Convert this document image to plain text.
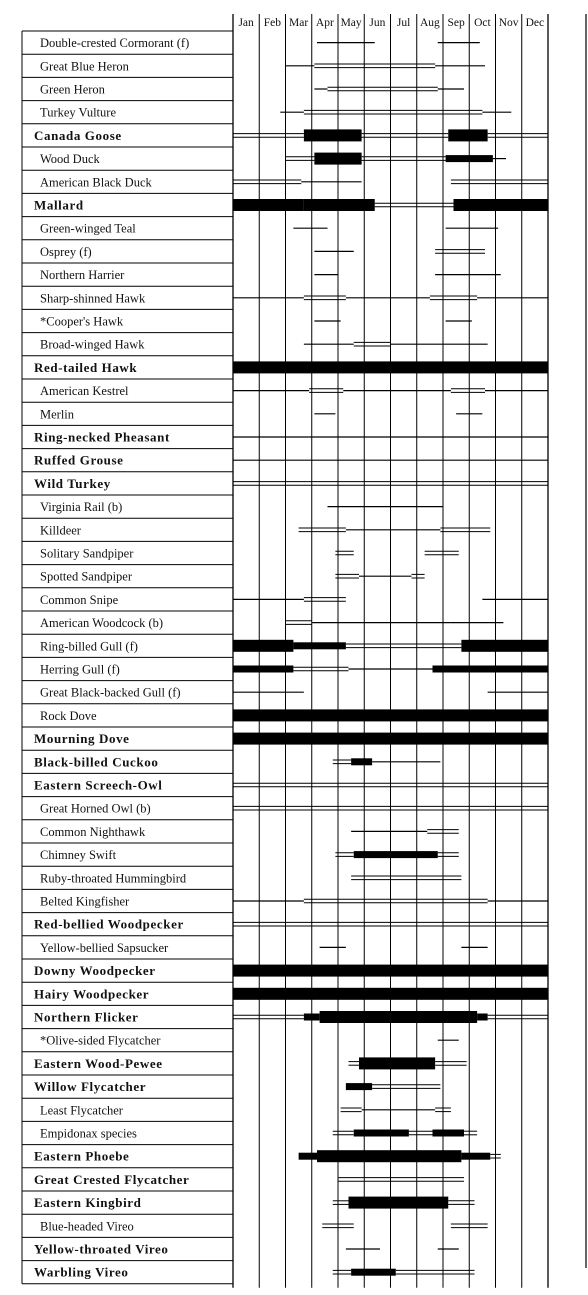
Jan Feb Mar Apr May Jun Jul Aug Sep Oct Nov Dec
Double-crested Cormorant (f)
Great Blue Heron
Green Heron
Turkey Vulture
Canada Goose
Wood Duck
American Black Duck
Mallard
Green-winged Teal
Osprey (f)
Northern Harrier
Sharp-shinned Hawk
*Cooper's Hawk
Broad-winged Hawk
Red-tailed Hawk
American Kestrel
Merlin
Ring-necked Pheasant
Ruffed Grouse
Wild Turkey
Virginia Rail (b)
Killdeer
Solitary Sandpiper
Spotted Sandpiper
Common Snipe
American Woodcock (b)
Ring-billed Gull (f)
Herring Gull (f)
Great Black-backed Gull (f)
Rock Dove
Mourning Dove
Black-billed Cuckoo
Eastern Screech-Owl
Great Horned Owl (b)
Common Nighthawk
Chimney Swift
Ruby-throated Hummingbird
Belted Kingfisher
Red-bellied Woodpecker
Yellow-bellied Sapsucker
Downy Woodpecker
Hairy Woodpecker
Northern Flicker
*Olive-sided Flycatcher
Eastern Wood-Pewee
Willow Flycatcher
Least Flycatcher
Empidonax species
Eastern Phoebe
Great Crested Flycatcher
Eastern Kingbird
Blue-headed Vireo
Yellow-throated Vireo
Warbling Vireo
